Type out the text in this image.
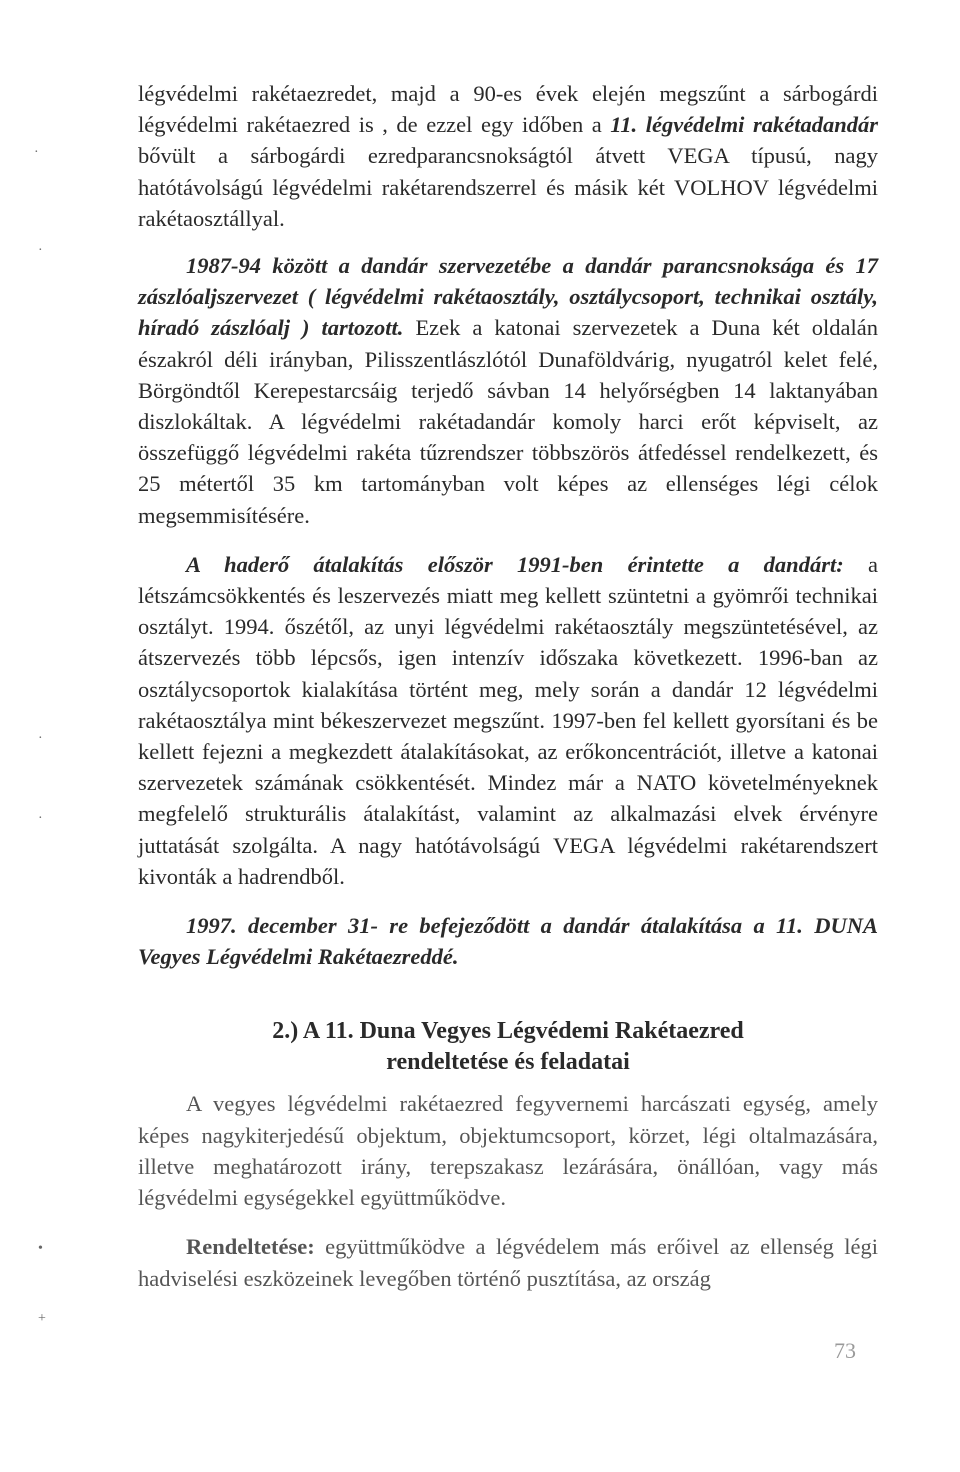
légvédelmi rakétaezredet, majd a 90-es évek elején megszűnt a sárbogárdi légvédelmi rakétaezred is , de ezzel egy időben a 11. légvédelmi rakétadandár bővült a sárbogárdi ezredparancsnokságtól átvett VEGA típusú, nagy hatótávolságú légvédelmi rakétarendszerrel és másik két VOLHOV légvédelmi rakétaosztállyal.

1987-94 között a dandár szervezetébe a dandár parancsnoksága és 17 zászlóaljszervezet ( légvédelmi rakétaosztály, osztálycsoport, technikai osztály, híradó zászlóalj ) tartozott. Ezek a katonai szervezetek a Duna két oldalán északról déli irányban, Pilisszentlászlótól Dunaföldvárig, nyugatról kelet felé, Börgöndtől Kerepestarcsáig terjedő sávban 14 helyőrségben 14 laktanyában diszlokáltak. A légvédelmi rakétadandár komoly harci erőt képviselt, az összefüggő légvédelmi rakéta tűzrendszer többszörös átfedéssel rendelkezett, és 25 métertől 35 km tartományban volt képes az ellenséges légi célok megsemmisítésére.

A haderő átalakítás először 1991-ben érintette a dandárt: a létszámcsökkentés és leszervezés miatt meg kellett szüntetni a gyömrői technikai osztályt. 1994. őszétől, az unyi légvédelmi rakétaosztály megszüntetésével, az átszervezés több lépcsős, igen intenzív időszaka következett. 1996-ban az osztálycsoportok kialakítása történt meg, mely során a dandár 12 légvédelmi rakétaosztálya mint békeszervezet megszűnt. 1997-ben fel kellett gyorsítani és be kellett fejezni a megkezdett átalakításokat, az erőkoncentrációt, illetve a katonai szervezetek számának csökkentését. Mindez már a NATO követelményeknek megfelelő strukturális átalakítást, valamint az alkalmazási elvek érvényre juttatását szolgálta. A nagy hatótávolságú VEGA légvédelmi rakétarendszert kivonták a hadrendből.

1997. december 31- re befejeződött a dandár átalakítása a 11. DUNA Vegyes Légvédelmi Rakétaezreddé.

2.) A 11. Duna Vegyes Légvédemi Rakétaezred
rendeltetése és feladatai

A vegyes légvédelmi rakétaezred fegyvernemi harcászati egység, amely képes nagykiterjedésű objektum, objektumcsoport, körzet, légi oltalmazására, illetve meghatározott irány, terepszakasz lezárására, önállóan, vagy más légvédelmi egységekkel együttműködve.

Rendeltetése: együttműködve a légvédelem más erőivel az ellenség légi hadviselési eszközeinek levegőben történő pusztítása, az ország

73
·
·
·
·
•
+
